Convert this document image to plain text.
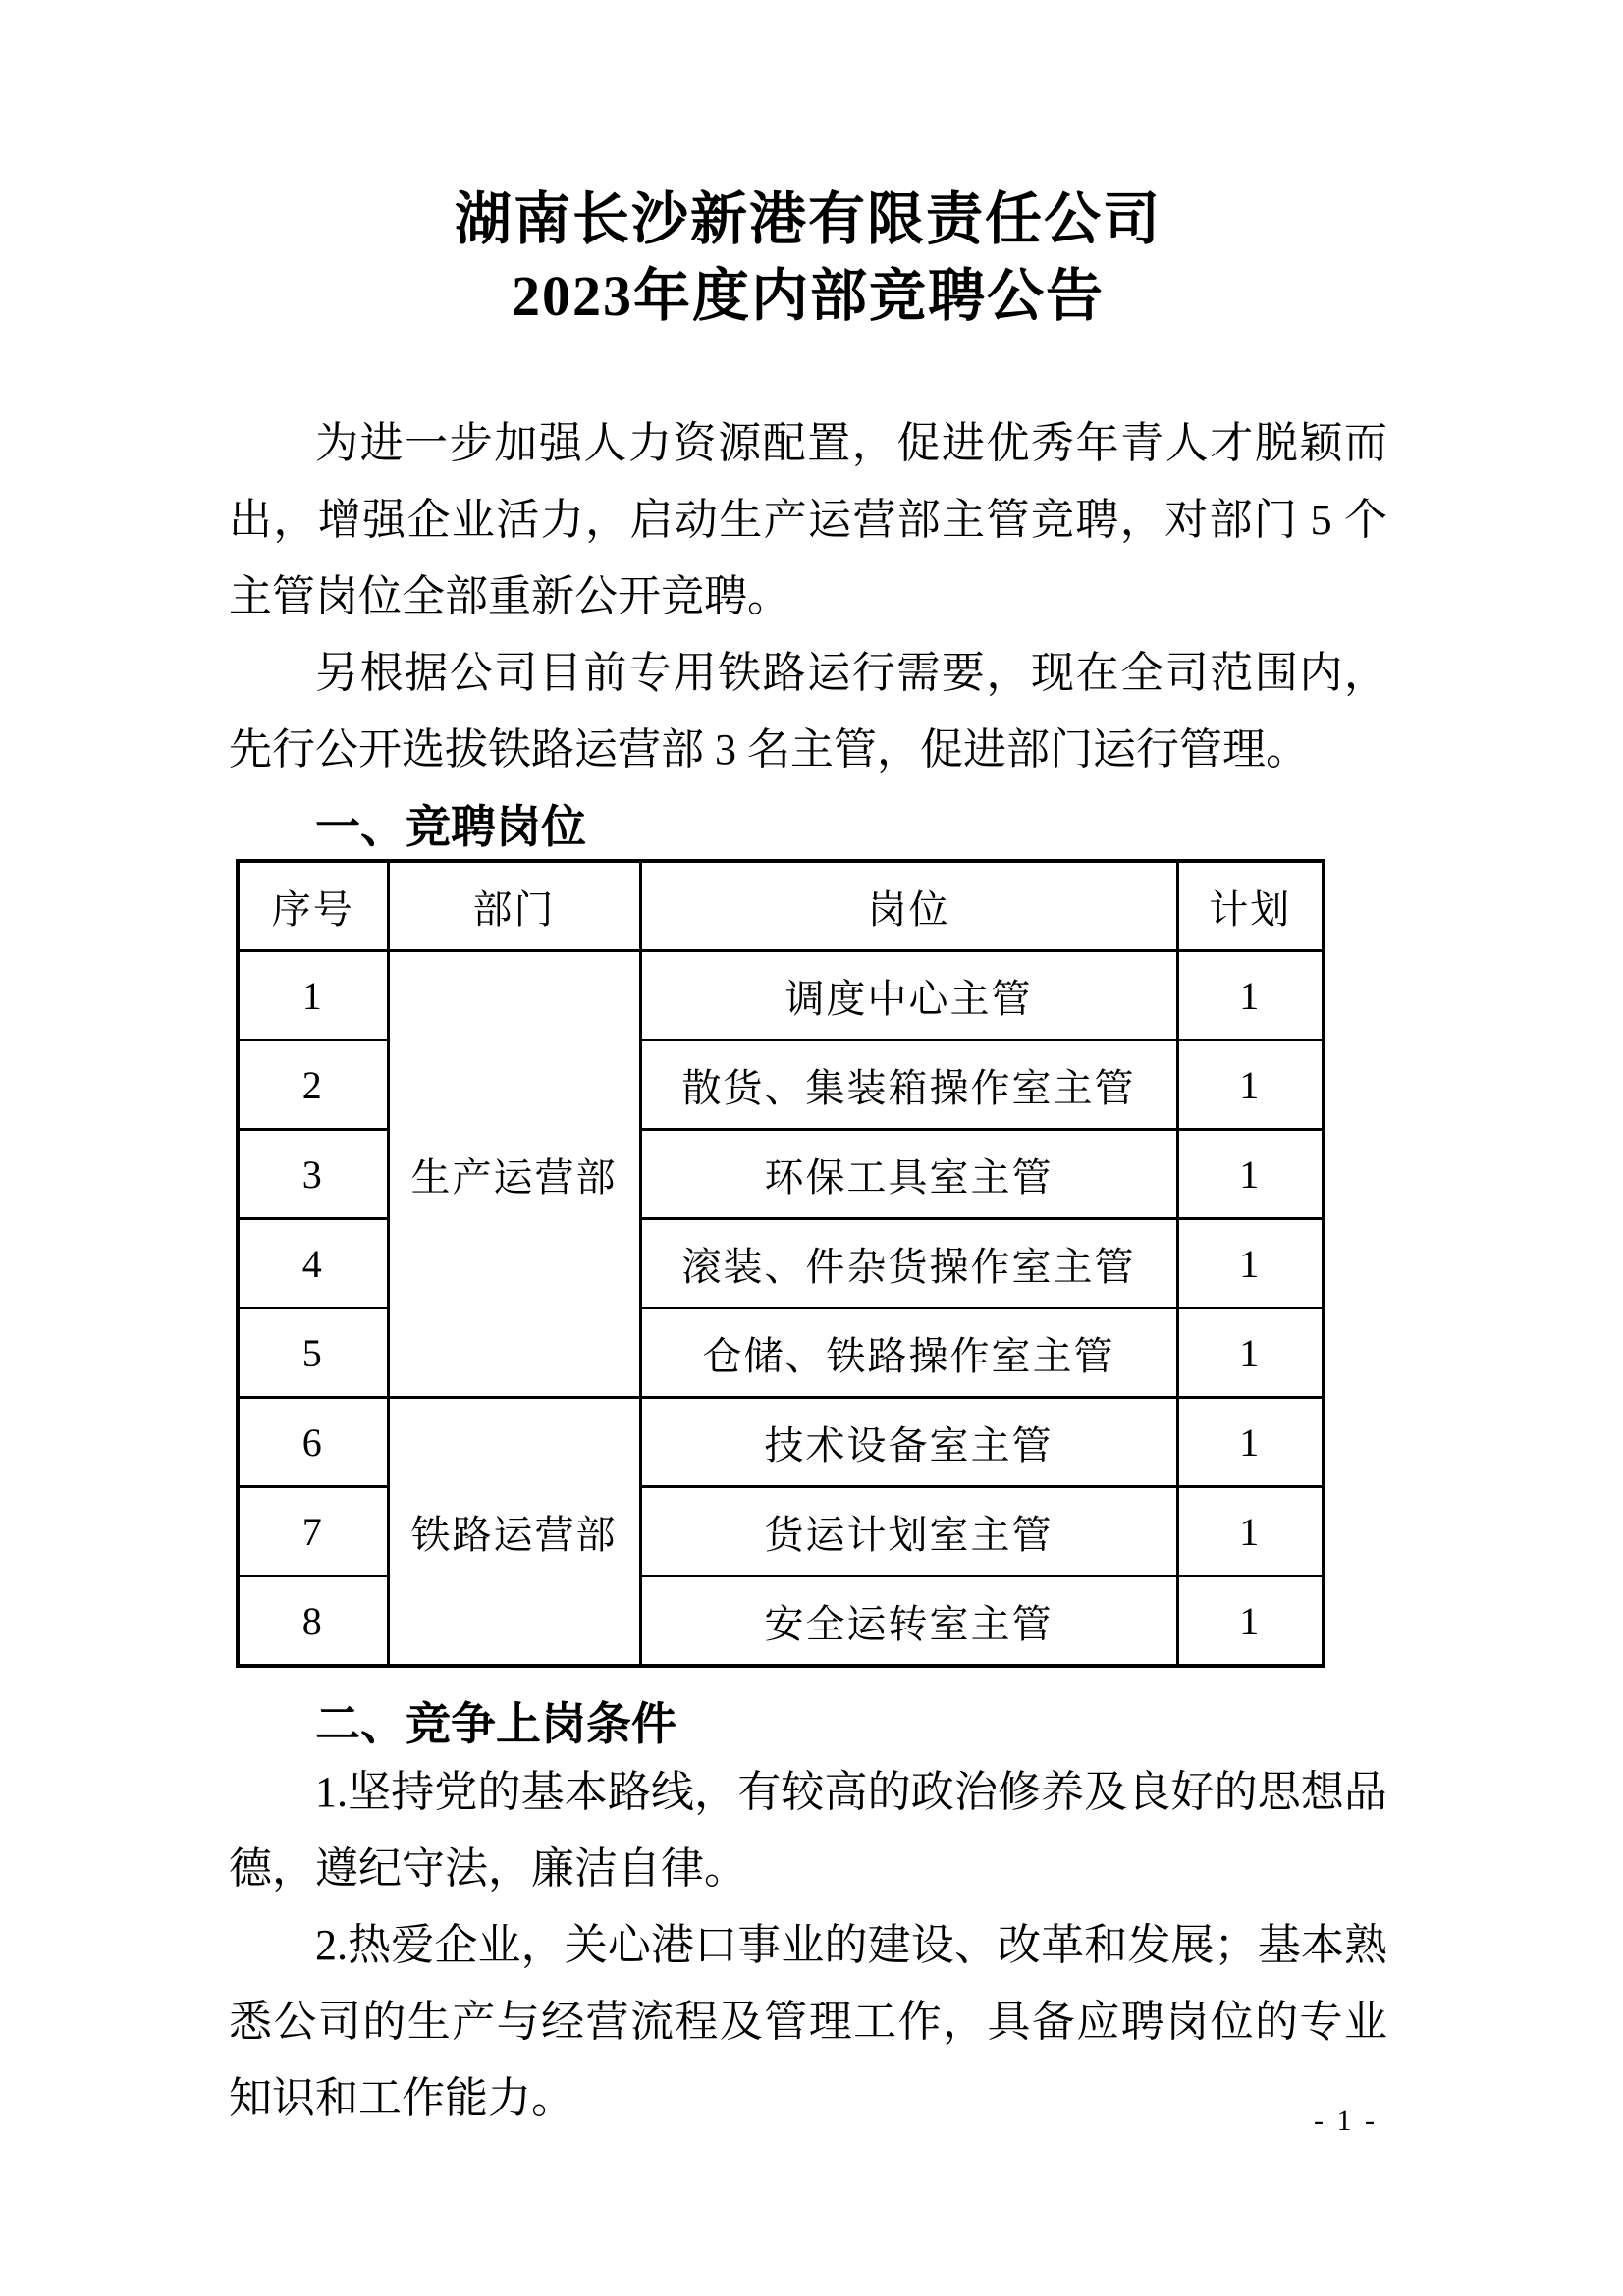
湖南长沙新港有限责任公司
2023年度内部竞聘公告

为进一步加强人力资源配置，促进优秀年青人才脱颖而出，增强企业活力，启动生产运营部主管竞聘，对部门 5 个主管岗位全部重新公开竞聘。

另根据公司目前专用铁路运行需要，现在全司范围内，先行公开选拔铁路运营部 3 名主管，促进部门运行管理。

一、竞聘岗位
序号	部门	岗位	计划
1	生产运营部	调度中心主管	1
2		散货、集装箱操作室主管	1
3		环保工具室主管	1
4		滚装、件杂货操作室主管	1
5		仓储、铁路操作室主管	1
6	铁路运营部	技术设备室主管	1
7		货运计划室主管	1
8		安全运转室主管	1
二、竞争上岗条件

1.坚持党的基本路线，有较高的政治修养及良好的思想品德，遵纪守法，廉洁自律。

2.热爱企业，关心港口事业的建设、改革和发展；基本熟悉公司的生产与经营流程及管理工作，具备应聘岗位的专业知识和工作能力。	- 1 -
